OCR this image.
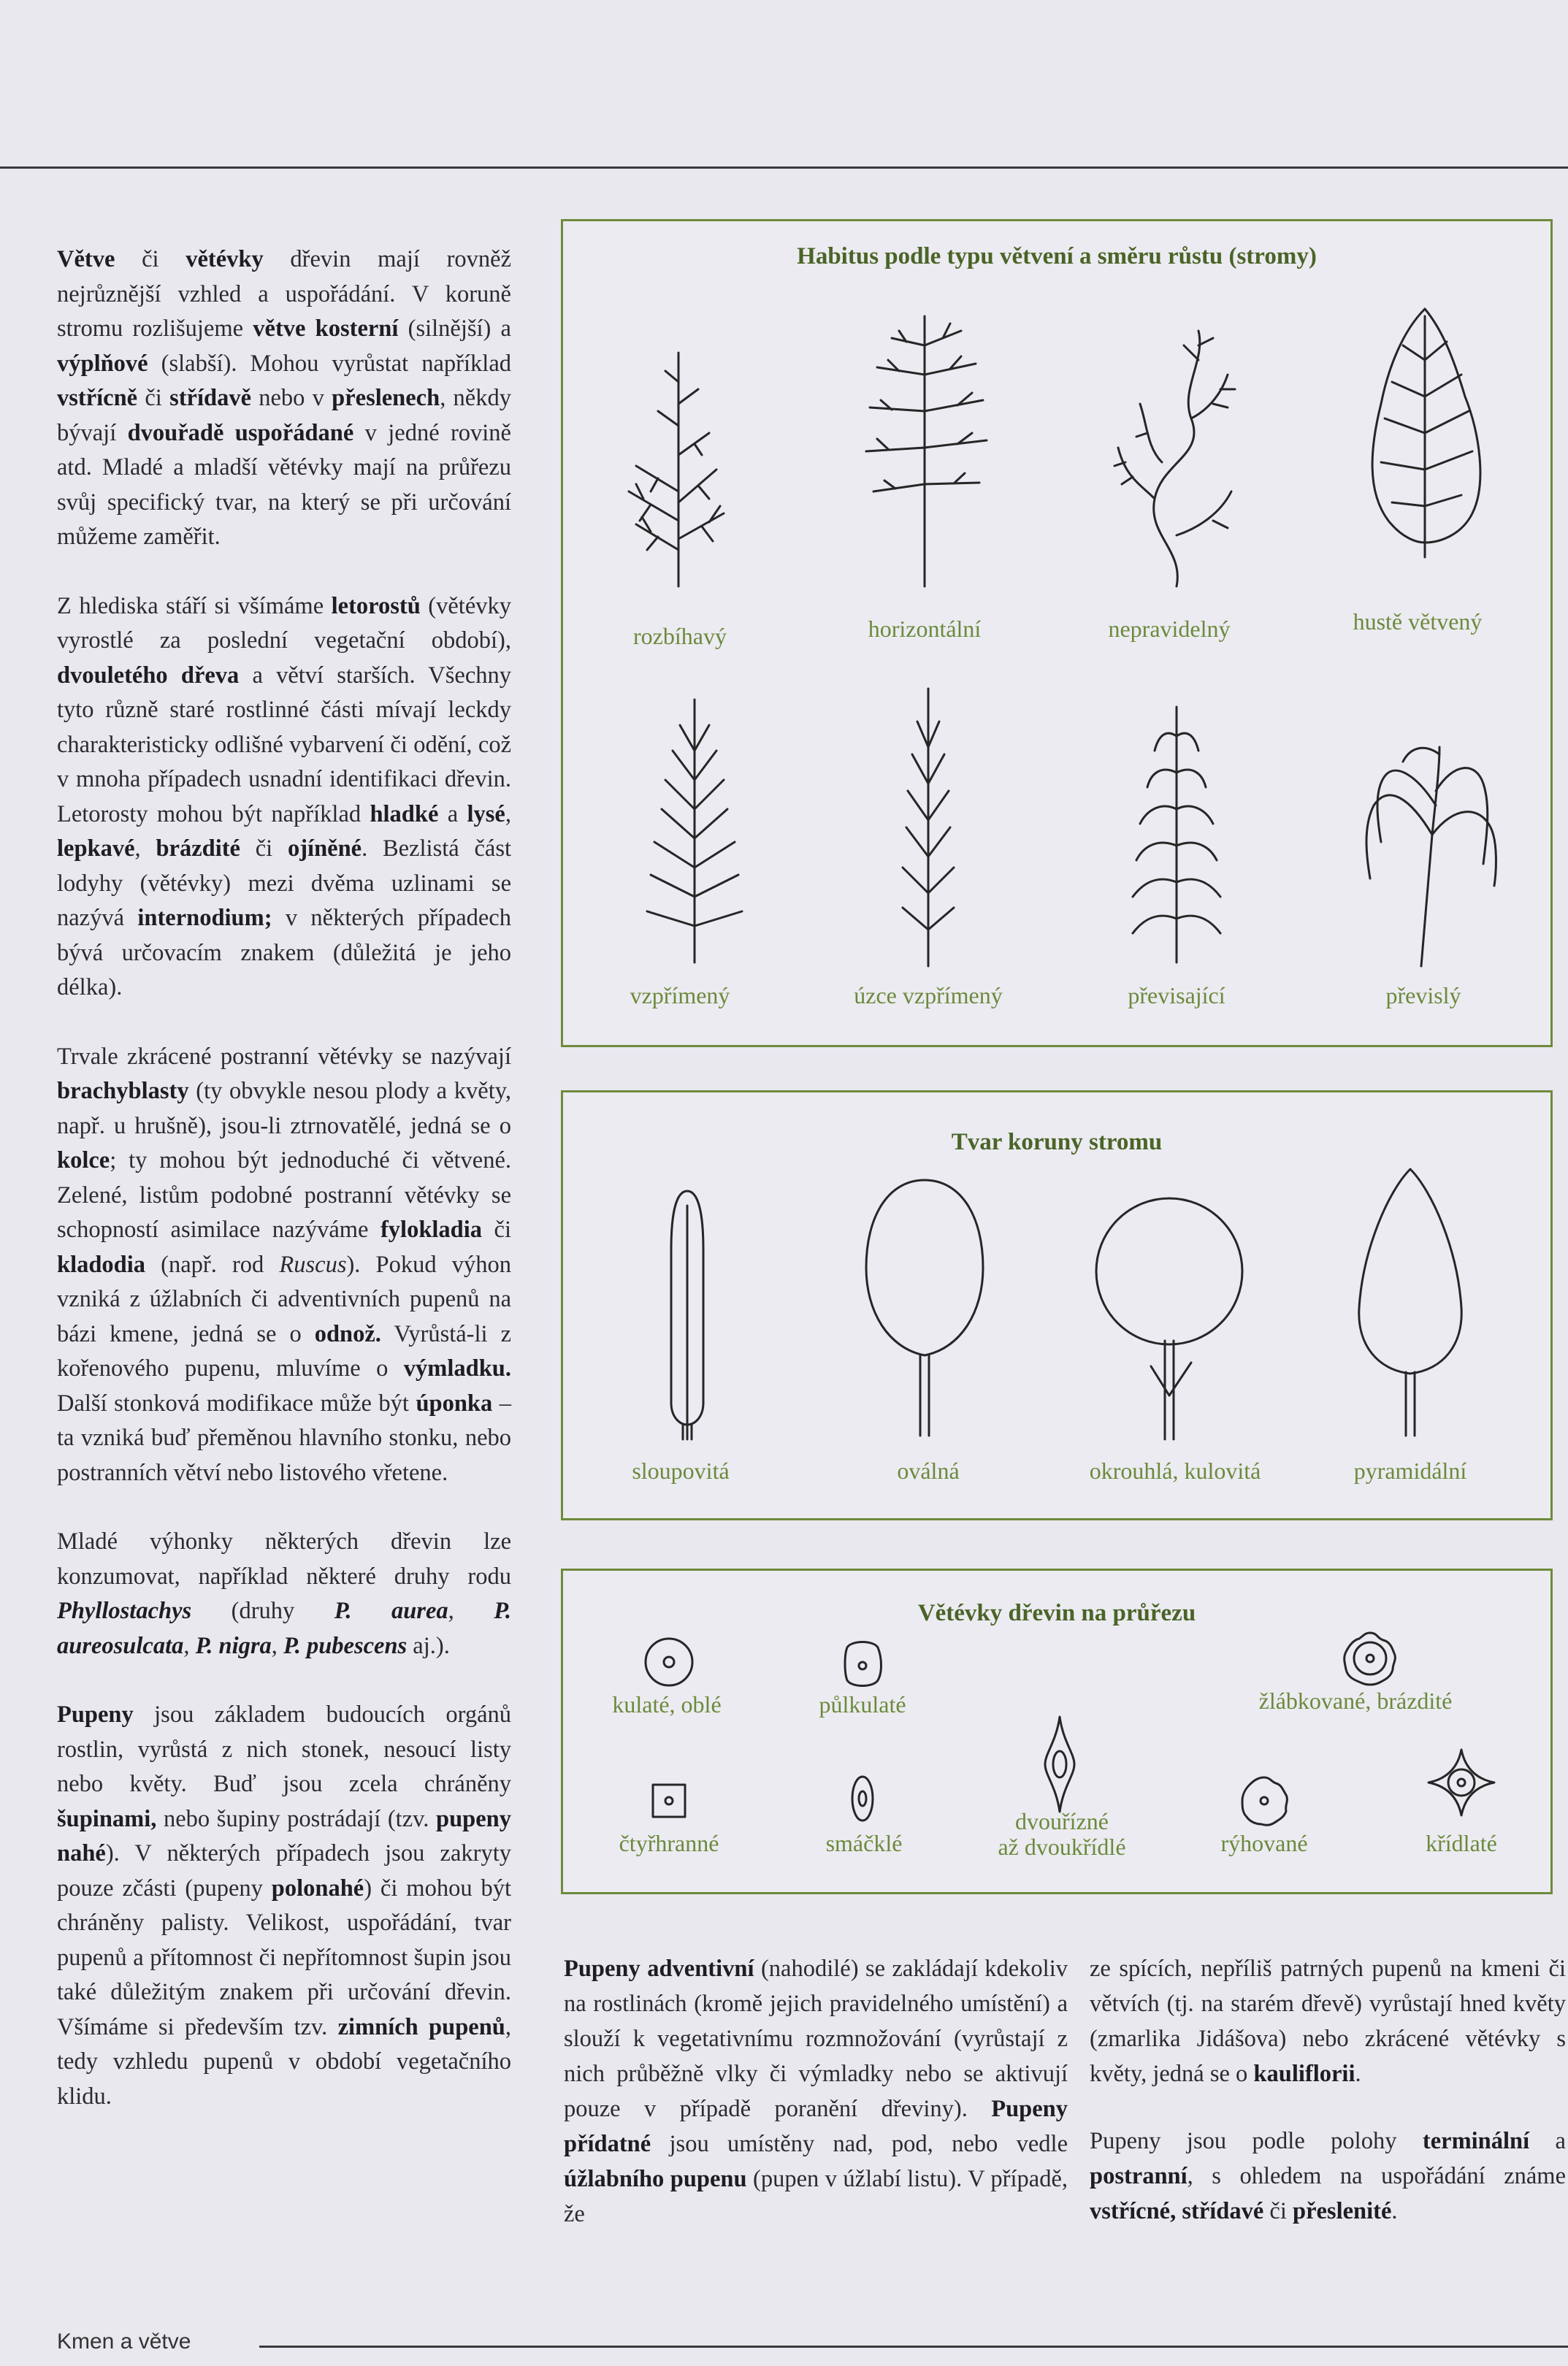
Větve či větévky dřevin mají rovněž nejrůznější vzhled a uspořádání. V koruně stromu rozlišujeme větve kosterní (silnější) a výplňové (slabší). Mohou vyrůstat například vstřícně či střídavě nebo v přeslenech, někdy bývají dvouřadě uspořádané v jedné rovině atd. Mladé a mladší větévky mají na průřezu svůj specifický tvar, na který se při určování můžeme zaměřit.

Z hlediska stáří si všímáme letorostů (větévky vyrostlé za poslední vegetační období), dvouletého dřeva a větví starších. Všechny tyto různě staré rostlinné části mívají leckdy charakteristicky odlišné vybarvení či odění, což v mnoha případech usnadní identifikaci dřevin. Letorosty mohou být například hladké a lysé, lepkavé, brázdité či ojíněné. Bezlistá část lodyhy (větévky) mezi dvěma uzlinami se nazývá internodium; v některých případech bývá určovacím znakem (důležitá je jeho délka).

Trvale zkrácené postranní větévky se nazývají brachyblasty (ty obvykle nesou plody a květy, např. u hrušně), jsou-li ztrnovatělé, jedná se o kolce; ty mohou být jednoduché či větvené. Zelené, listům podobné postranní větévky se schopností asimilace nazýváme fylokladia či kladodia (např. rod Ruscus). Pokud výhon vzniká z úžlabních či adventivních pupenů na bázi kmene, jedná se o odnož. Vyrůstá-li z kořenového pupenu, mluvíme o výmladku. Další stonková modifikace může být úponka – ta vzniká buď přeměnou hlavního stonku, nebo postranních větví nebo listového vřetene.

Mladé výhonky některých dřevin lze konzumovat, například některé druhy rodu Phyllostachys (druhy P. aurea, P. aureosulcata, P. nigra, P. pubescens aj.).

Pupeny jsou základem budoucích orgánů rostlin, vyrůstá z nich stonek, nesoucí listy nebo květy. Buď jsou zcela chráněny šupinami, nebo šupiny postrádají (tzv. pupeny nahé). V některých případech jsou zakryty pouze zčásti (pupeny polonahé) či mohou být chráněny palisty. Velikost, uspořádání, tvar pupenů a přítomnost či nepřítomnost šupin jsou také důležitým znakem při určování dřevin. Všímáme si především tzv. zimních pupenů, tedy vzhledu pupenů v období vegetačního klidu.

Habitus podle typu větvení a směru růstu (stromy)
rozbíhavý	horizontální	nepravidelný	hustě větvený
vzpřímený	úzce vzpřímený	převisající	převislý
Tvar koruny stromu
sloupovitá	oválná	okrouhlá, kulovitá	pyramidální
Větévky dřevin na průřezu
kulaté, oblé	půlkulaté	žlábkované, brázdité
čtyřhranné	smáčklé
dvouřízné
až dvoukřídlé	rýhované	křídlaté

Pupeny adventivní (nahodilé) se zakládají kdekoliv na rostlinách (kromě jejich pravidelného umístění) a slouží k vegetativnímu rozmnožování (vyrůstají z nich průběžně vlky či výmladky nebo se aktivují pouze v případě poranění dřeviny). Pupeny přídatné jsou umístěny nad, pod, nebo vedle úžlabního pupenu (pupen v úžlabí listu). V případě, že

ze spících, nepříliš patrných pupenů na kmeni či větvích (tj. na starém dřevě) vyrůstají hned květy (zmarlika Jidášova) nebo zkrácené větévky s květy, jedná se o kauliflorii.

Pupeny jsou podle polohy terminální a postranní, s ohledem na uspořádání známe vstřícné, střídavé či přeslenité.

Kmen a větve
